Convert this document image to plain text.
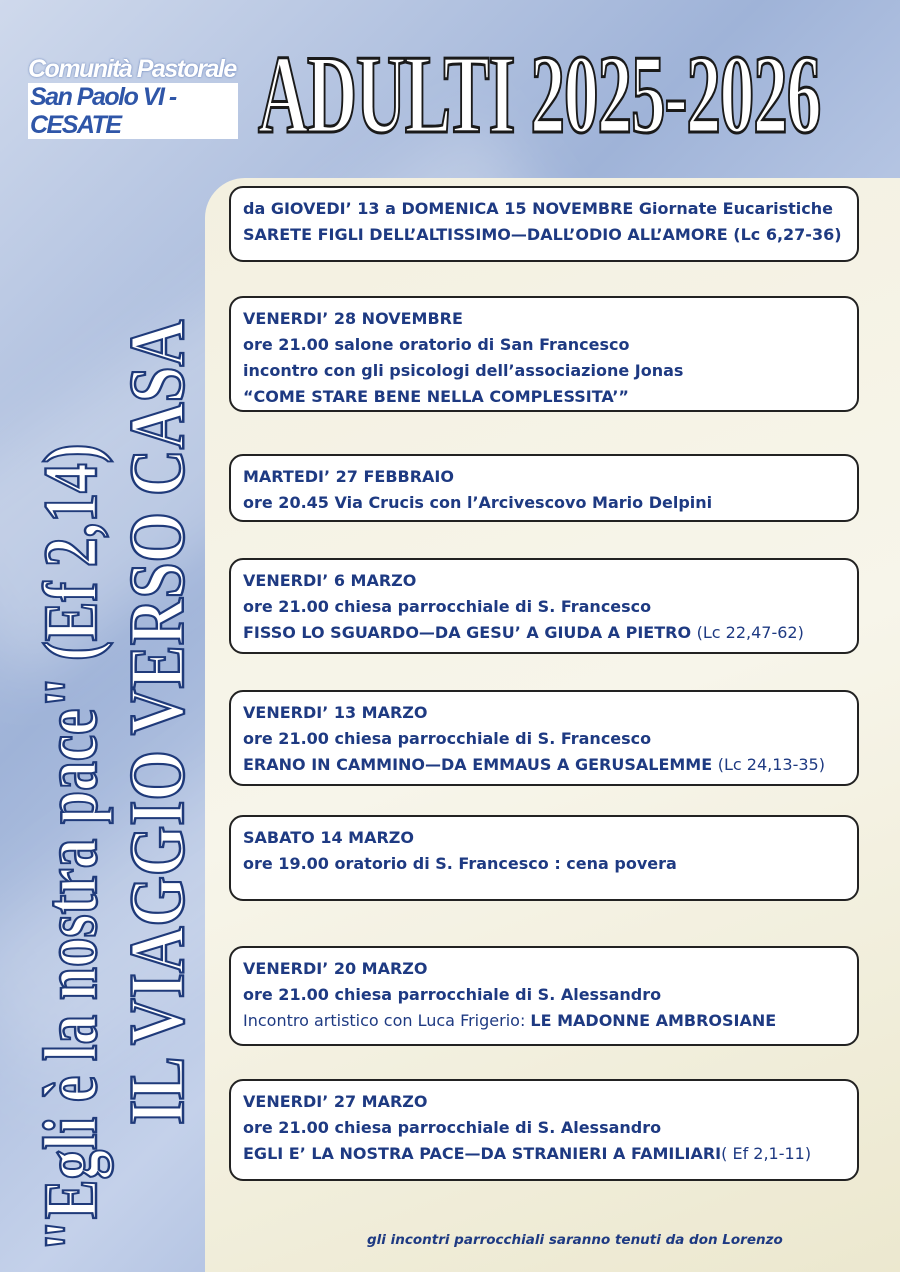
Comunità Pastorale
San Paolo VI - CESATE	ADULTI 2025-2026
"Egli è la nostra pace" (Ef 2,14) IL VIAGGIO VERSO CASA
da GIOVEDI’ 13 a DOMENICA 15 NOVEMBRE Giornate Eucaristiche
SARETE FIGLI DELL’ALTISSIMO—DALL’ODIO ALL’AMORE (Lc 6,27-36)
VENERDI’ 28 NOVEMBRE
ore 21.00 salone oratorio di San Francesco
incontro con gli psicologi dell’associazione Jonas
“COME STARE BENE NELLA COMPLESSITA’”
MARTEDI’ 27 FEBBRAIO
ore 20.45 Via Crucis con l’Arcivescovo Mario Delpini
VENERDI’ 6 MARZO
ore 21.00 chiesa parrocchiale di S. Francesco
FISSO LO SGUARDO—DA GESU’ A GIUDA A PIETRO (Lc 22,47-62)
VENERDI’ 13 MARZO
ore 21.00 chiesa parrocchiale di S. Francesco
ERANO IN CAMMINO—DA EMMAUS A GERUSALEMME (Lc 24,13-35)
SABATO 14 MARZO
ore 19.00 oratorio di S. Francesco : cena povera
VENERDI’ 20 MARZO
ore 21.00 chiesa parrocchiale di S. Alessandro
Incontro artistico con Luca Frigerio: LE MADONNE AMBROSIANE
VENERDI’ 27 MARZO
ore 21.00 chiesa parrocchiale di S. Alessandro
EGLI E’ LA NOSTRA PACE—DA STRANIERI A FAMILIARI( Ef 2,1-11)
gli incontri parrocchiali saranno tenuti da don Lorenzo
